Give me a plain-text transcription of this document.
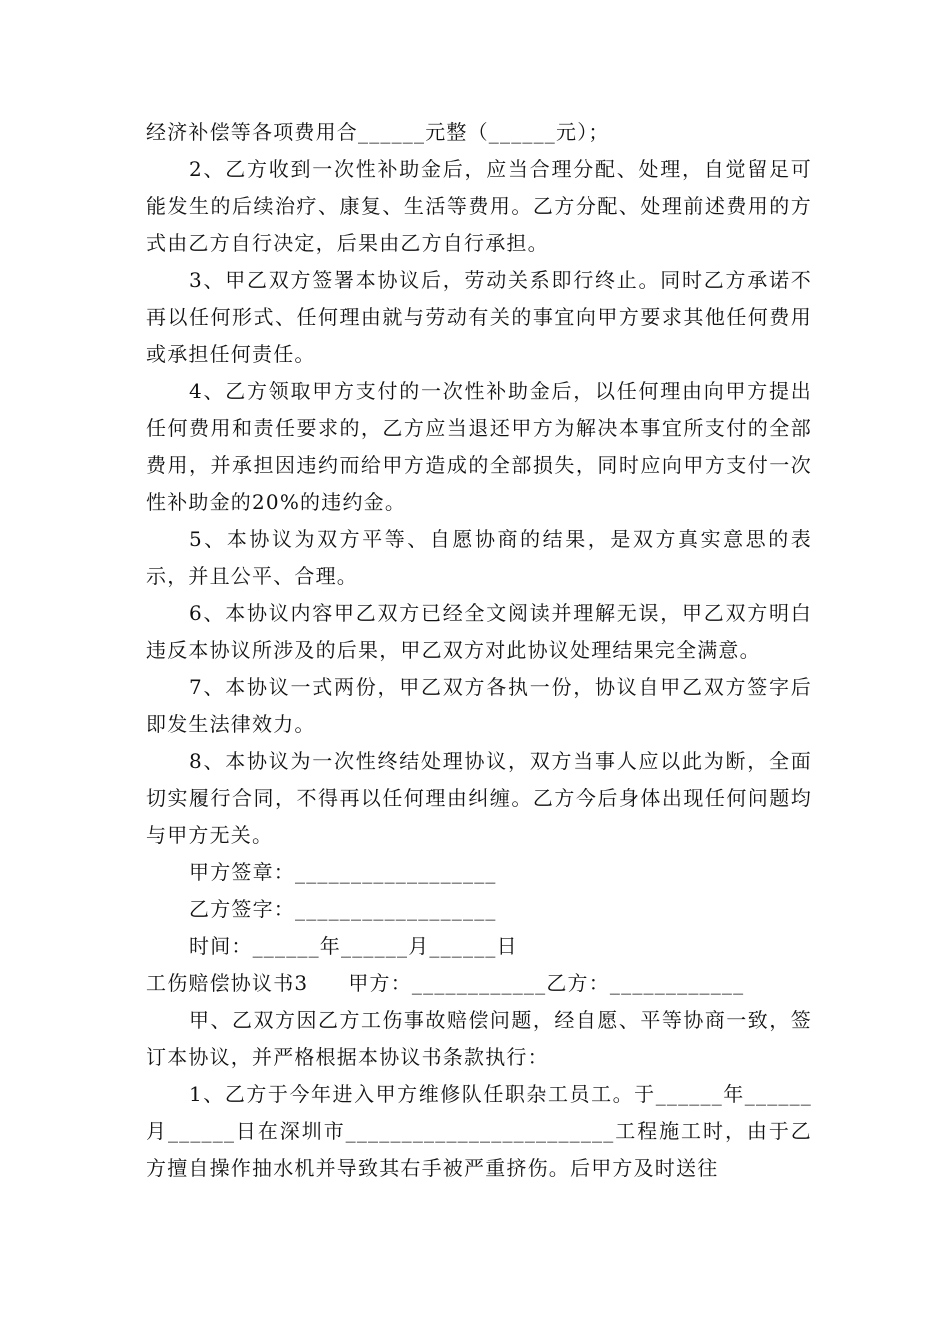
经济补偿等各项费用合______元整（______元）；

2、乙方收到一次性补助金后，应当合理分配、处理，自觉留足可能发生的后续治疗、康复、生活等费用。乙方分配、处理前述费用的方式由乙方自行决定，后果由乙方自行承担。

3、甲乙双方签署本协议后，劳动关系即行终止。同时乙方承诺不再以任何形式、任何理由就与劳动有关的事宜向甲方要求其他任何费用或承担任何责任。

4、乙方领取甲方支付的一次性补助金后，以任何理由向甲方提出任何费用和责任要求的，乙方应当退还甲方为解决本事宜所支付的全部费用，并承担因违约而给甲方造成的全部损失，同时应向甲方支付一次性补助金的20%的违约金。

5、本协议为双方平等、自愿协商的结果，是双方真实意思的表示，并且公平、合理。

6、本协议内容甲乙双方已经全文阅读并理解无误，甲乙双方明白违反本协议所涉及的后果，甲乙双方对此协议处理结果完全满意。

7、本协议一式两份，甲乙双方各执一份，协议自甲乙双方签字后即发生法律效力。

8、本协议为一次性终结处理协议，双方当事人应以此为断，全面切实履行合同，不得再以任何理由纠缠。乙方今后身体出现任何问题均与甲方无关。

甲方签章：__________________

乙方签字：__________________

时间：______年______月______日

工伤赔偿协议书3 甲方：____________乙方：____________

甲、乙双方因乙方工伤事故赔偿问题，经自愿、平等协商一致，签订本协议，并严格根据本协议书条款执行：

1、乙方于今年进入甲方维修队任职杂工员工。于______年______月______日在深圳市________________________工程施工时，由于乙方擅自操作抽水机并导致其右手被严重挤伤。后甲方及时送往
